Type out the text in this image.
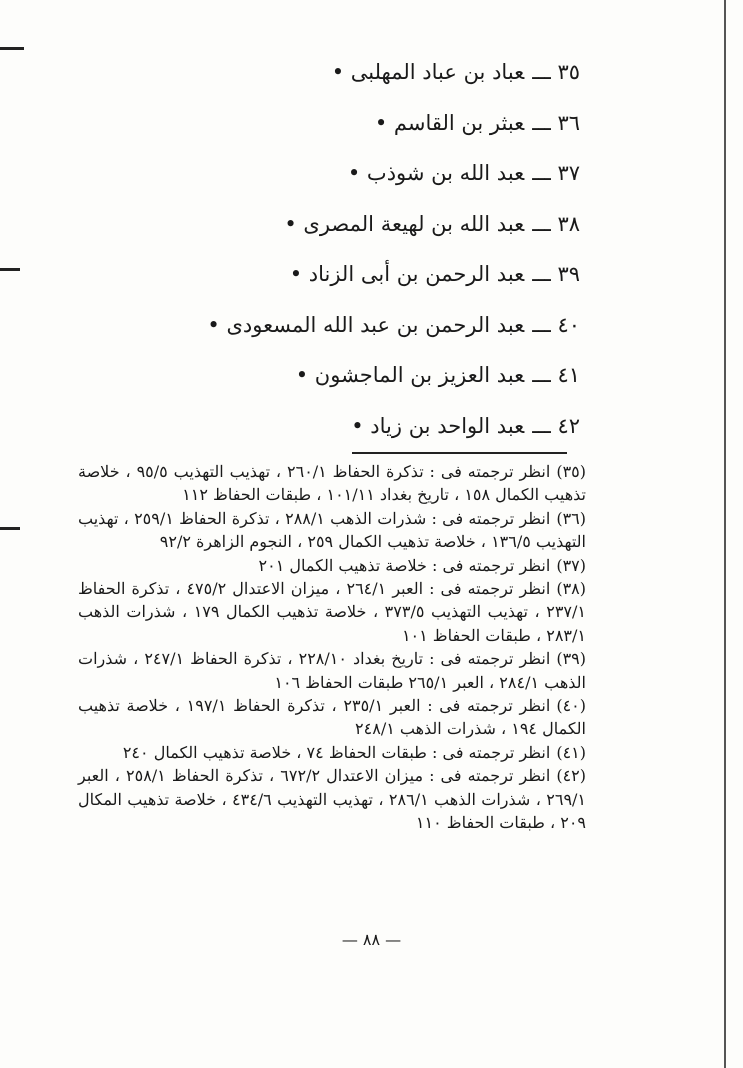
٣٥ ـــعباد بن عباد المهلبى •
٣٦ ـــعبثر بن القاسم •
٣٧ ـــعبد الله بن شوذب •
٣٨ ـــعبد الله بن لهيعة المصرى •
٣٩ ـــعبد الرحمن بن أبى الزناد •
٤٠ ـــعبد الرحمن بن عبد الله المسعودى •
٤١ ـــعبد العزيز بن الماجشون •
٤٢ ـــعبد الواحد بن زياد •
(٣٥)انظر ترجمته فى : تذكرة الحفاظ ٢٦٠/١ ، تهذيب التهذيب ٩٥/٥ ، خلاصة تذهيب الكمال ١٥٨ ، تاريخ بغداد ١٠١/١١ ، طبقات الحفاظ ١١٢
(٣٦)انظر ترجمته فى : شذرات الذهب ٢٨٨/١ ، تذكرة الحفاظ ٢٥٩/١ ، تهذيب التهذيب ١٣٦/٥ ، خلاصة تذهيب الكمال ٢٥٩ ، النجوم الزاهرة ٩٢/٢
(٣٧)انظر ترجمته فى : خلاصة تذهيب الكمال ٢٠١
(٣٨)انظر ترجمته فى : العبر ٢٦٤/١ ، ميزان الاعتدال ٤٧٥/٢ ، تذكرة الحفاظ ٢٣٧/١ ، تهذيب التهذيب ٣٧٣/٥ ، خلاصة تذهيب الكمال ١٧٩ ، شذرات الذهب ٢٨٣/١ ، طبقات الحفاظ ١٠١
(٣٩)انظر ترجمته فى : تاريخ بغداد ٢٢٨/١٠ ، تذكرة الحفاظ ٢٤٧/١ ، شذرات الذهب ٢٨٤/١ ، العبر ٢٦٥/١ طبقات الحفاظ ١٠٦
(٤٠)انظر ترجمته فى : العبر ٢٣٥/١ ، تذكرة الحفاظ ١٩٧/١ ، خلاصة تذهيب الكمال ١٩٤ ، شذرات الذهب ٢٤٨/١
(٤١)انظر ترجمته فى : طبقات الحفاظ ٧٤ ، خلاصة تذهيب الكمال ٢٤٠
(٤٢)انظر ترجمته فى : ميزان الاعتدال ٦٧٢/٢ ، تذكرة الحفاظ ٢٥٨/١ ، العبر ٢٦٩/١ ، شذرات الذهب ٢٨٦/١ ، تهذيب التهذيب ٤٣٤/٦ ، خلاصة تذهيب المكال ٢٠٩ ، طبقات الحفاظ ١١٠
— ٨٨ —
